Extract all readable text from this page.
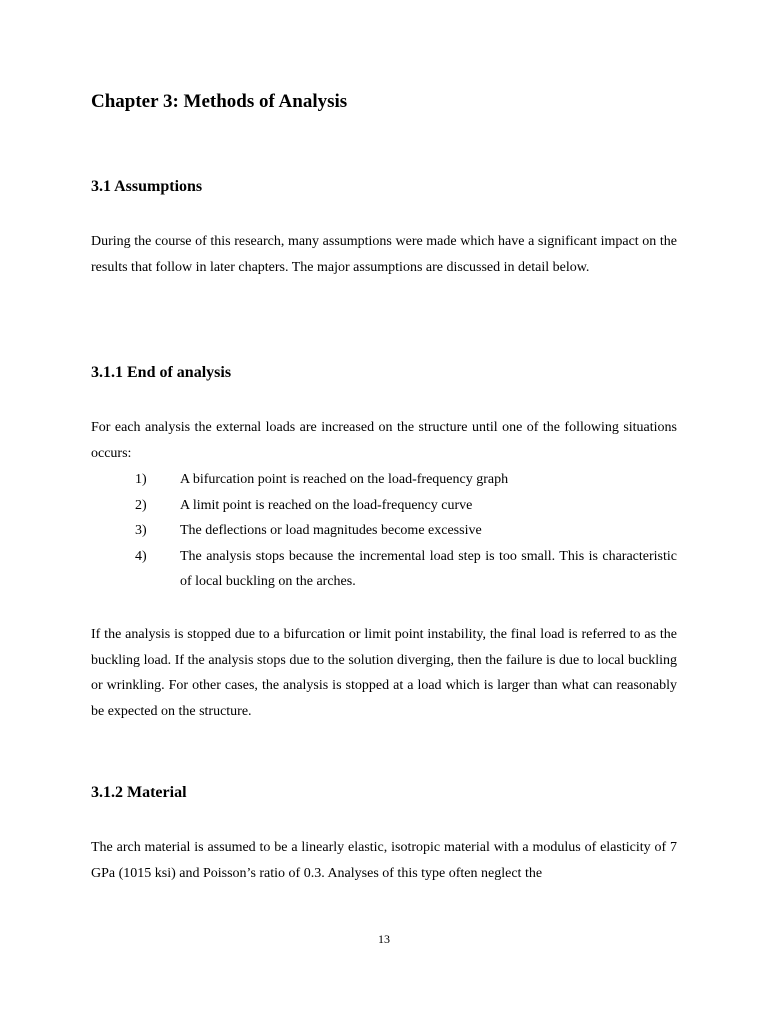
Chapter 3: Methods of Analysis
3.1 Assumptions

During the course of this research, many assumptions were made which have a significant impact on the results that follow in later chapters. The major assumptions are discussed in detail below.

3.1.1 End of analysis

For each analysis the external loads are increased on the structure until one of the following situations occurs:

1) A bifurcation point is reached on the load-frequency graph
2) A limit point is reached on the load-frequency curve
3) The deflections or load magnitudes become excessive
4) The analysis stops because the incremental load step is too small. This is characteristic of local buckling on the arches.

If the analysis is stopped due to a bifurcation or limit point instability, the final load is referred to as the buckling load. If the analysis stops due to the solution diverging, then the failure is due to local buckling or wrinkling. For other cases, the analysis is stopped at a load which is larger than what can reasonably be expected on the structure.

3.1.2 Material

The arch material is assumed to be a linearly elastic, isotropic material with a modulus of elasticity of 7 GPa (1015 ksi) and Poisson’s ratio of 0.3. Analyses of this type often neglect the

13
